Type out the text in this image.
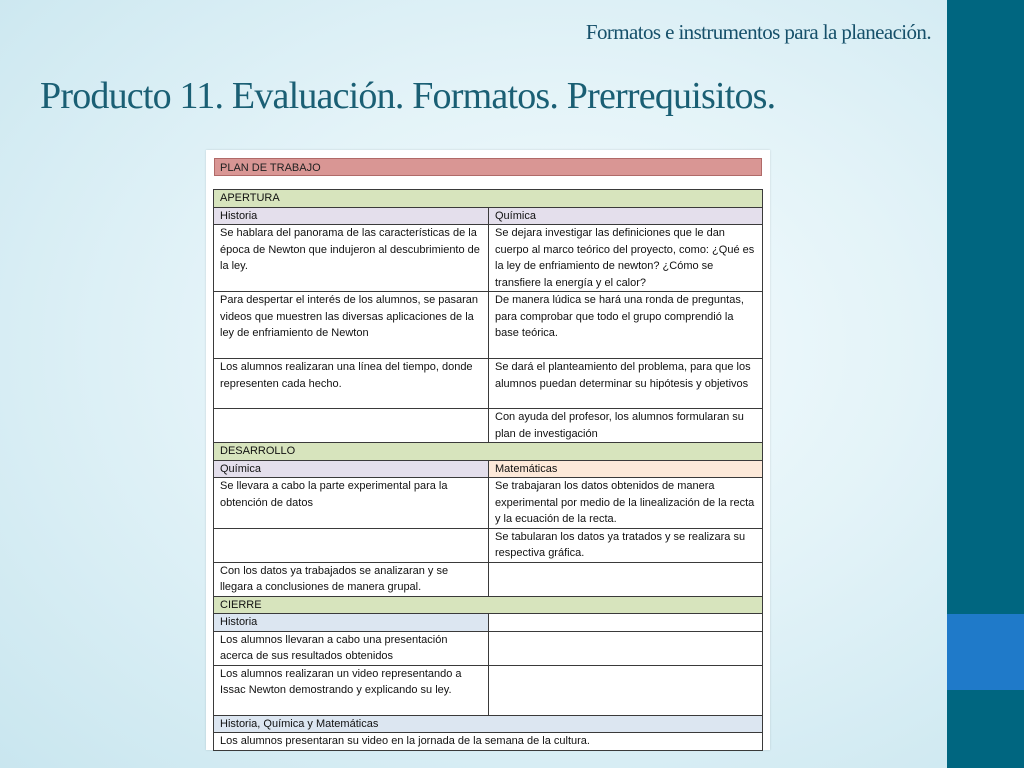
Formatos e instrumentos para la planeación.

Producto 11. Evaluación. Formatos. Prerrequisitos.
PLAN DE TRABAJO
APERTURA	
Historia	Química
Se hablara del panorama de las características de la época de Newton que indujeron al descubrimiento de la ley.	Se dejara investigar las definiciones que le dan cuerpo al marco teórico del proyecto, como: ¿Qué es la ley de enfriamiento de newton? ¿Cómo se transfiere la energía y el calor?
Para despertar el interés de los alumnos, se pasaran videos que muestren las diversas aplicaciones de la ley de enfriamiento de Newton	De manera lúdica se hará una ronda de preguntas, para comprobar que todo el grupo comprendió la base teórica.
Los alumnos realizaran una línea del tiempo, donde representen cada hecho.	Se dará el planteamiento del problema, para que los alumnos puedan determinar su hipótesis y objetivos
	Con ayuda del profesor, los alumnos formularan su plan de investigación
DESARROLLO	
Química	Matemáticas
Se llevara a cabo la parte experimental para la obtención de datos	Se trabajaran los datos obtenidos de manera experimental por medio de la linealización de la recta y la ecuación de la recta.
	Se tabularan los datos ya tratados y se realizara su respectiva gráfica.
Con los datos ya trabajados se analizaran y se llegara a conclusiones de manera grupal.	
CIERRE	
Historia	
Los alumnos llevaran a cabo una presentación acerca de sus resultados obtenidos	
Los alumnos realizaran un video representando a Issac Newton demostrando y explicando su ley.	
Historia, Química y Matemáticas	
Los alumnos presentaran su video en la jornada de la semana de la cultura.	
